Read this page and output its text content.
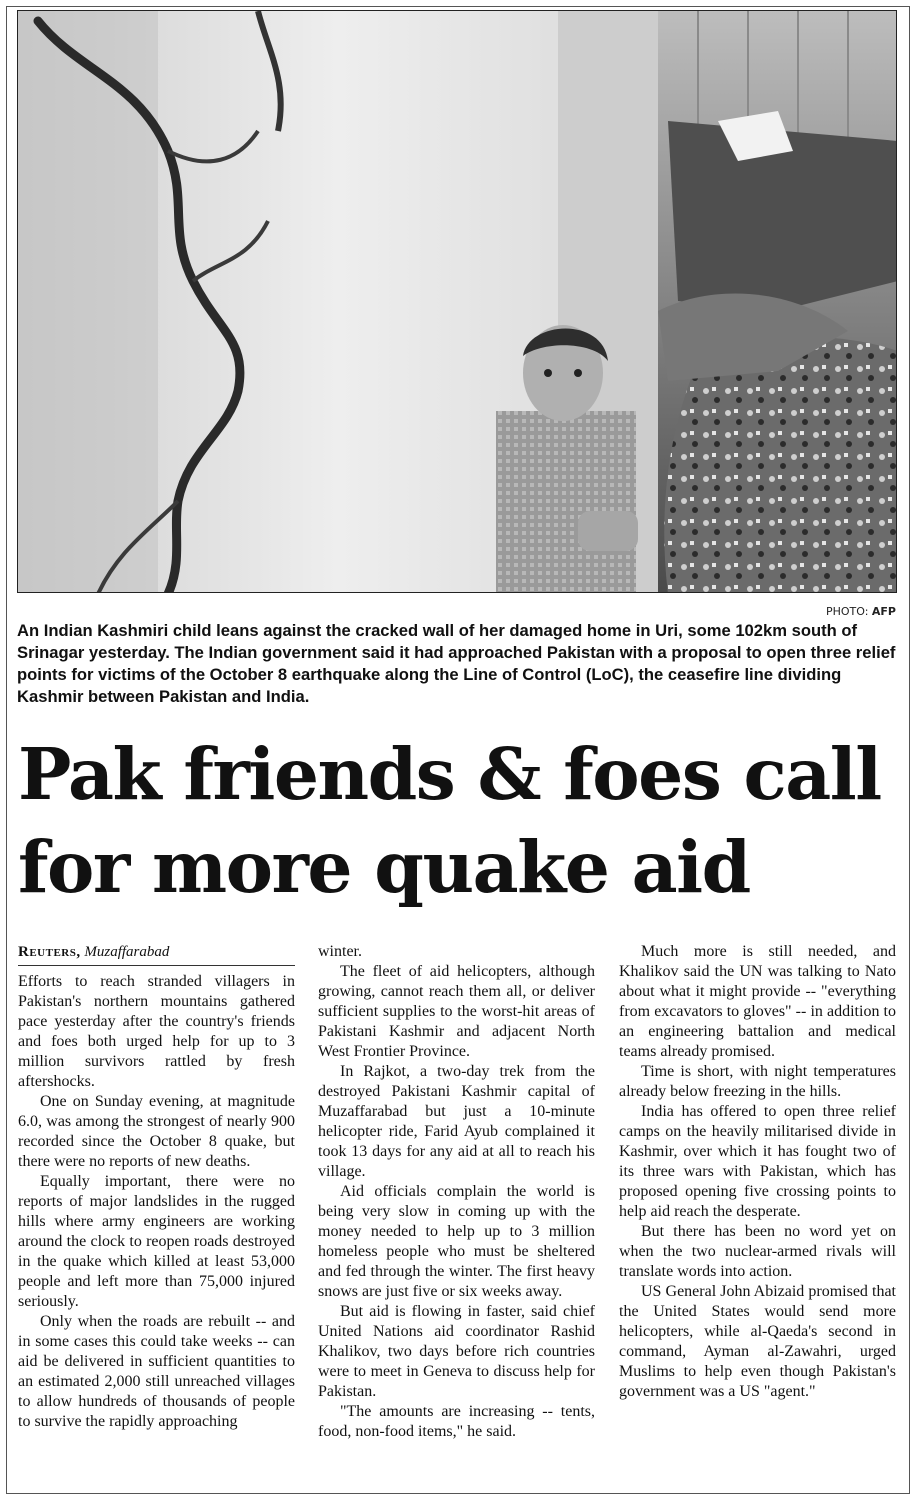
PHOTO: AFP
An Indian Kashmiri child leans against the cracked wall of her damaged home in Uri, some 102km south of Srinagar yesterday. The Indian government said it had approached Pakistan with a proposal to open three relief points for victims of the October 8 earthquake along the Line of Control (LoC), the ceasefire line dividing Kashmir between Pakistan and India.
Pak friends & foes call for more quake aid
Reuters, Muzaffarabad

Efforts to reach stranded villagers in Pakistan's northern mountains gathered pace yesterday after the country's friends and foes both urged help for up to 3 million survivors rattled by fresh aftershocks.

One on Sunday evening, at magnitude 6.0, was among the strongest of nearly 900 recorded since the October 8 quake, but there were no reports of new deaths.

Equally important, there were no reports of major landslides in the rugged hills where army engineers are working around the clock to reopen roads destroyed in the quake which killed at least 53,000 people and left more than 75,000 injured seriously.

Only when the roads are rebuilt -- and in some cases this could take weeks -- can aid be delivered in sufficient quantities to an estimated 2,000 still unreached villages to allow hundreds of thousands of people to survive the rapidly approaching

winter.

The fleet of aid helicopters, although growing, cannot reach them all, or deliver sufficient supplies to the worst-hit areas of Pakistani Kashmir and adjacent North West Frontier Province.

In Rajkot, a two-day trek from the destroyed Pakistani Kashmir capital of Muzaffarabad but just a 10-minute helicopter ride, Farid Ayub complained it took 13 days for any aid at all to reach his village.

Aid officials complain the world is being very slow in coming up with the money needed to help up to 3 million homeless people who must be sheltered and fed through the winter. The first heavy snows are just five or six weeks away.

But aid is flowing in faster, said chief United Nations aid coordinator Rashid Khalikov, two days before rich countries were to meet in Geneva to discuss help for Pakistan.

"The amounts are increasing -- tents, food, non-food items," he said.

Much more is still needed, and Khalikov said the UN was talking to Nato about what it might provide -- "everything from excavators to gloves" -- in addition to an engineering battalion and medical teams already promised.

Time is short, with night temperatures already below freezing in the hills.

India has offered to open three relief camps on the heavily militarised divide in Kashmir, over which it has fought two of its three wars with Pakistan, which has proposed opening five crossing points to help aid reach the desperate.

But there has been no word yet on when the two nuclear-armed rivals will translate words into action.

US General John Abizaid promised that the United States would send more helicopters, while al-Qaeda's second in command, Ayman al-Zawahri, urged Muslims to help even though Pakistan's government was a US "agent."
